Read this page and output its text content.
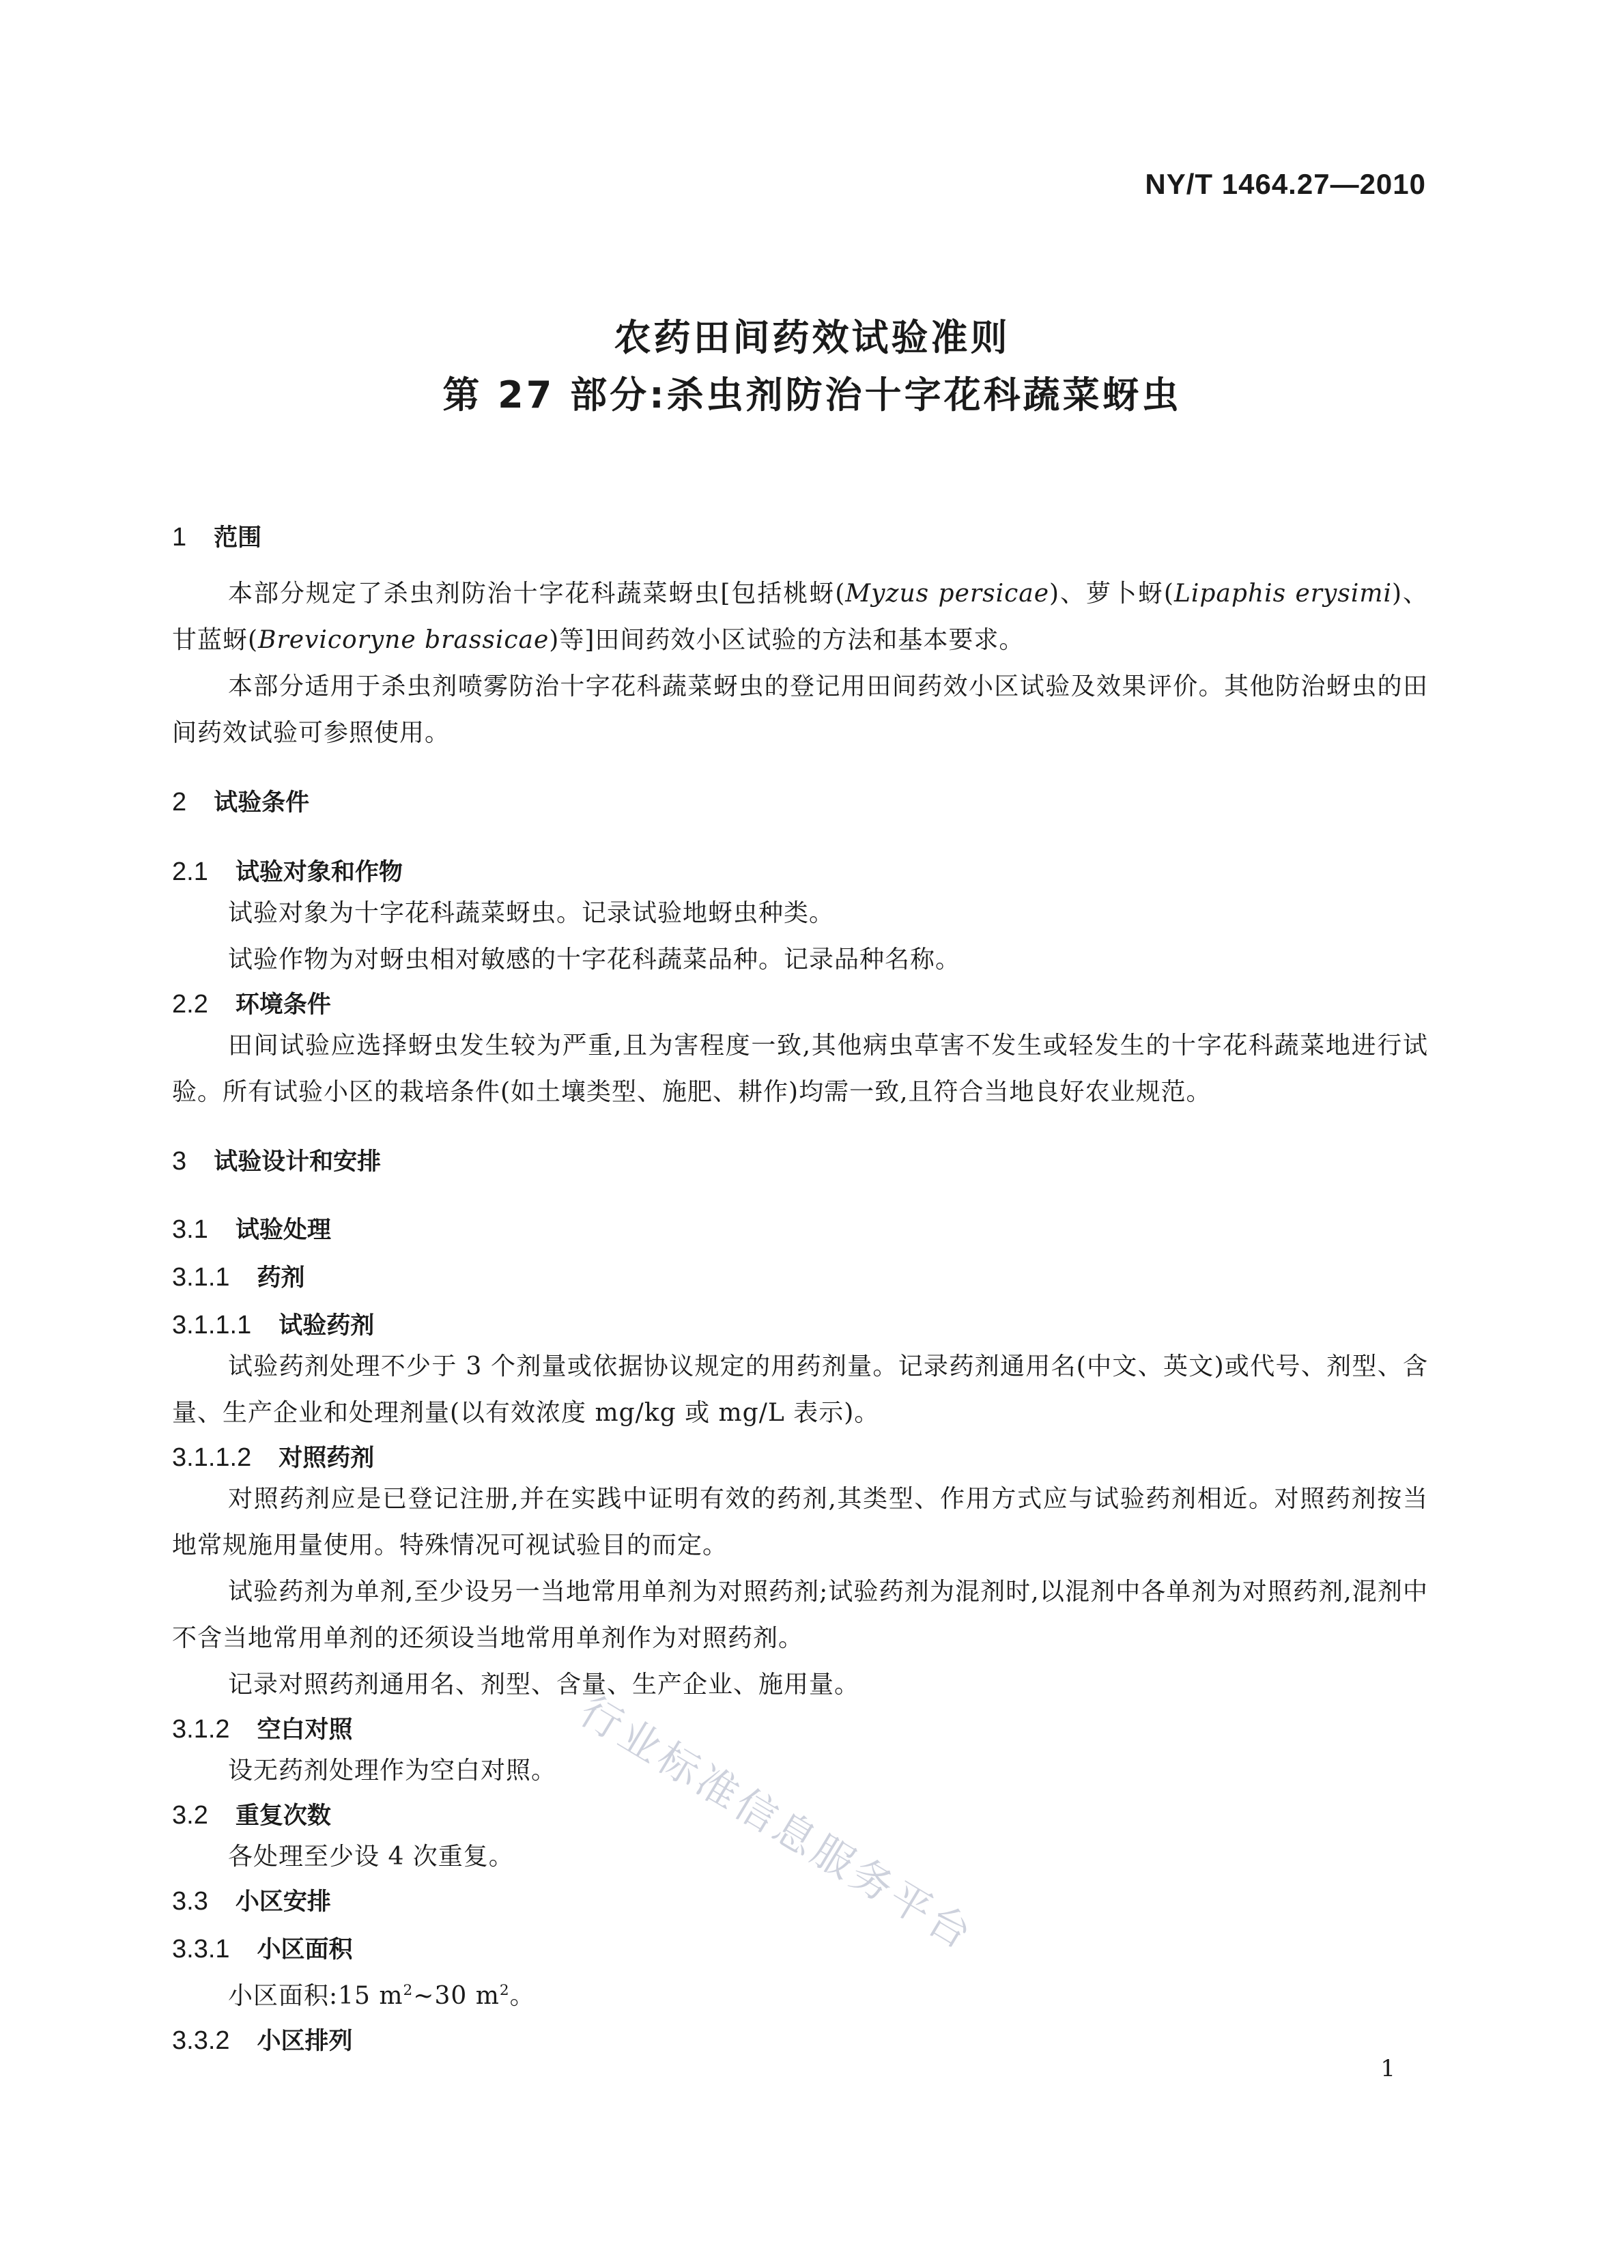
NY/T 1464.27—2010
农药田间药效试验准则
第 27 部分:杀虫剂防治十字花科蔬菜蚜虫
1 范围

本部分规定了杀虫剂防治十字花科蔬菜蚜虫[包括桃蚜(Myzus persicae)、萝卜蚜(Lipaphis erysimi)、甘蓝蚜(Brevicoryne brassicae)等]田间药效小区试验的方法和基本要求。

本部分适用于杀虫剂喷雾防治十字花科蔬菜蚜虫的登记用田间药效小区试验及效果评价。其他防治蚜虫的田间药效试验可参照使用。

2 试验条件
2.1 试验对象和作物

试验对象为十字花科蔬菜蚜虫。记录试验地蚜虫种类。

试验作物为对蚜虫相对敏感的十字花科蔬菜品种。记录品种名称。

2.2 环境条件

田间试验应选择蚜虫发生较为严重,且为害程度一致,其他病虫草害不发生或轻发生的十字花科蔬菜地进行试验。所有试验小区的栽培条件(如土壤类型、施肥、耕作)均需一致,且符合当地良好农业规范。

3 试验设计和安排
3.1 试验处理
3.1.1 药剂
3.1.1.1 试验药剂

试验药剂处理不少于 3 个剂量或依据协议规定的用药剂量。记录药剂通用名(中文、英文)或代号、剂型、含量、生产企业和处理剂量(以有效浓度 mg/kg 或 mg/L 表示)。

3.1.1.2 对照药剂

对照药剂应是已登记注册,并在实践中证明有效的药剂,其类型、作用方式应与试验药剂相近。对照药剂按当地常规施用量使用。特殊情况可视试验目的而定。

试验药剂为单剂,至少设另一当地常用单剂为对照药剂;试验药剂为混剂时,以混剂中各单剂为对照药剂,混剂中不含当地常用单剂的还须设当地常用单剂作为对照药剂。

记录对照药剂通用名、剂型、含量、生产企业、施用量。

3.1.2 空白对照

设无药剂处理作为空白对照。

3.2 重复次数

各处理至少设 4 次重复。

3.3 小区安排
3.3.1 小区面积

小区面积:15 $m^2\sim 30$ $m^2$。

3.3.2 小区排列
行业标准信息服务平台
1
